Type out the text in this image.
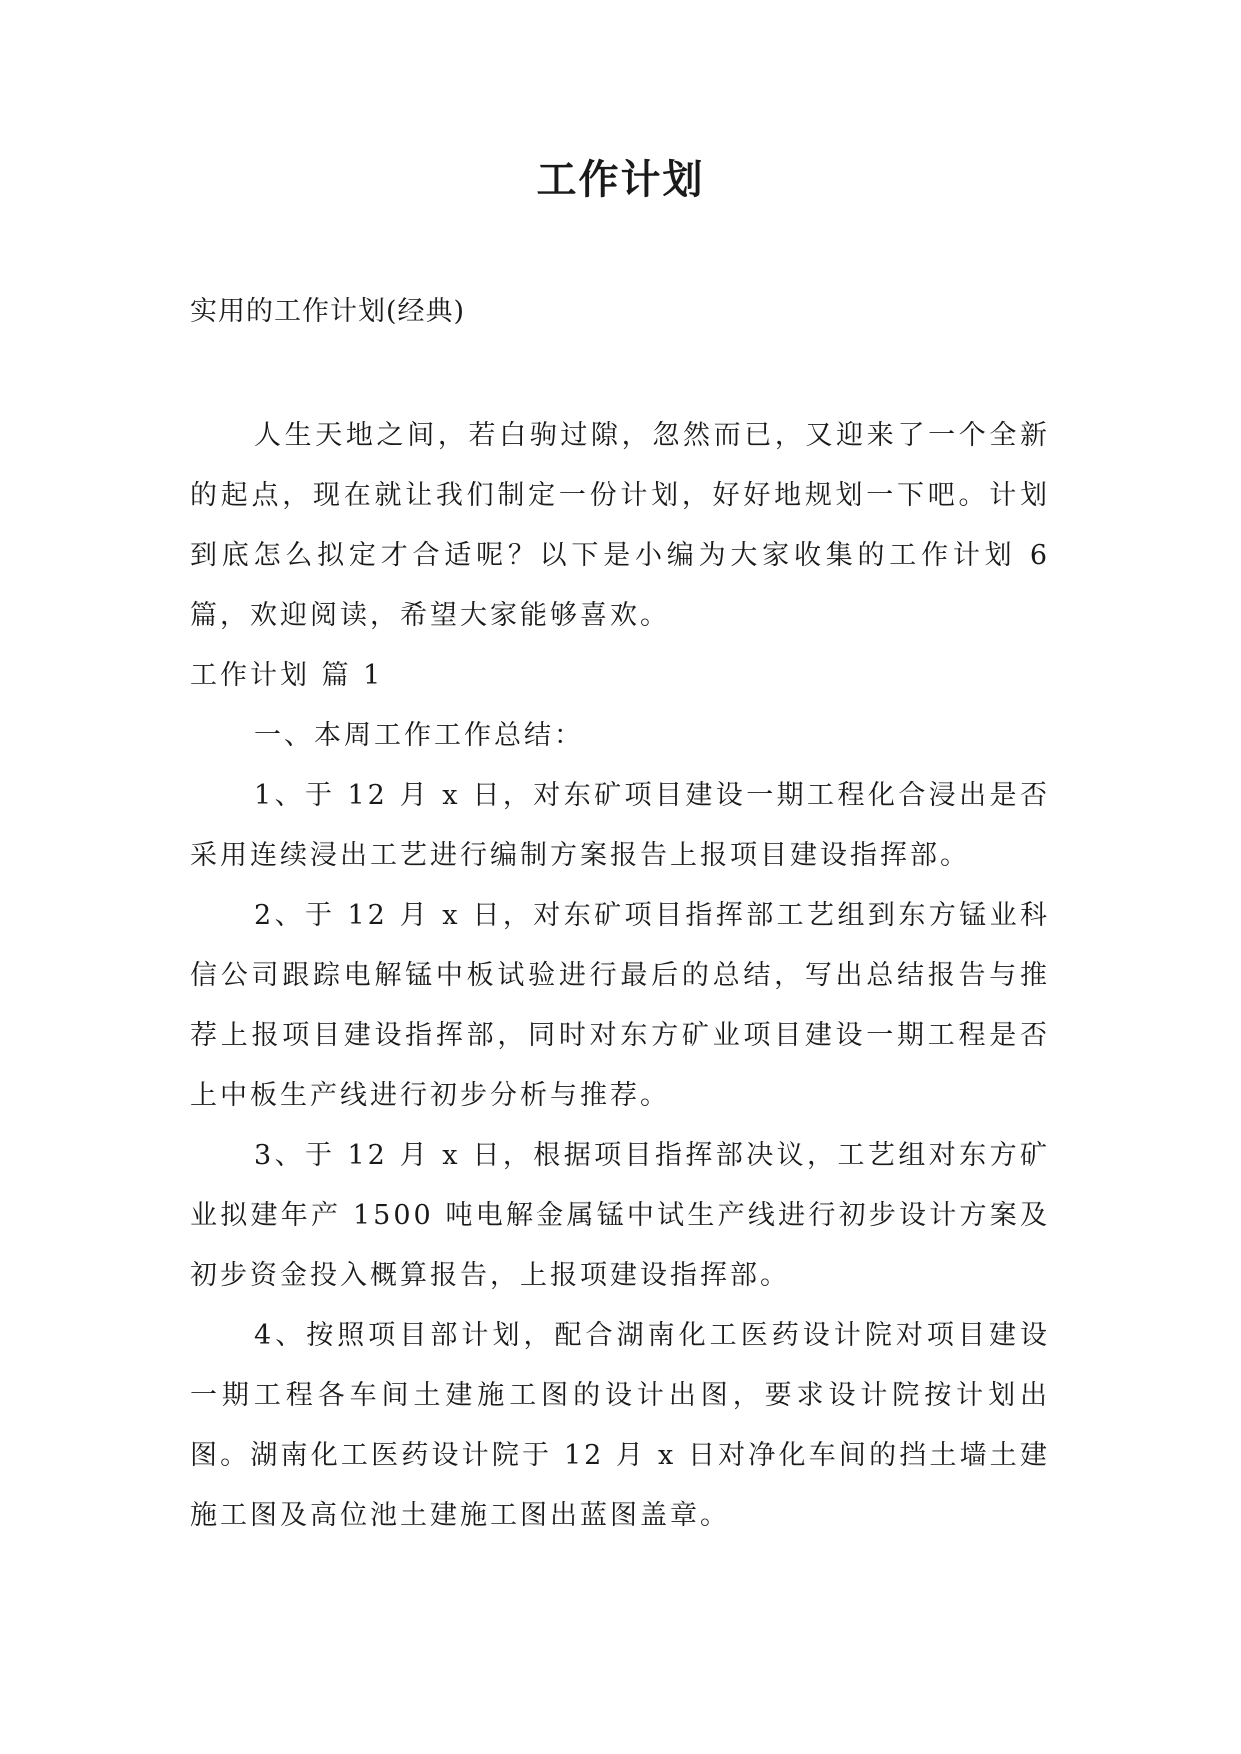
工作计划
实用的工作计划(经典)

人生天地之间，若白驹过隙，忽然而已，又迎来了一个全新的起点，现在就让我们制定一份计划，好好地规划一下吧。计划到底怎么拟定才合适呢？以下是小编为大家收集的工作计划 6 篇，欢迎阅读，希望大家能够喜欢。

工作计划 篇 1

一、本周工作工作总结：

1、于 12 月 x 日，对东矿项目建设一期工程化合浸出是否采用连续浸出工艺进行编制方案报告上报项目建设指挥部。

2、于 12 月 x 日，对东矿项目指挥部工艺组到东方锰业科信公司跟踪电解锰中板试验进行最后的总结，写出总结报告与推荐上报项目建设指挥部，同时对东方矿业项目建设一期工程是否上中板生产线进行初步分析与推荐。

3、于 12 月 x 日，根据项目指挥部决议，工艺组对东方矿业拟建年产 1500 吨电解金属锰中试生产线进行初步设计方案及初步资金投入概算报告，上报项建设指挥部。

4、按照项目部计划，配合湖南化工医药设计院对项目建设一期工程各车间土建施工图的设计出图，要求设计院按计划出图。湖南化工医药设计院于 12 月 x 日对净化车间的挡土墙土建施工图及高位池土建施工图出蓝图盖章。
